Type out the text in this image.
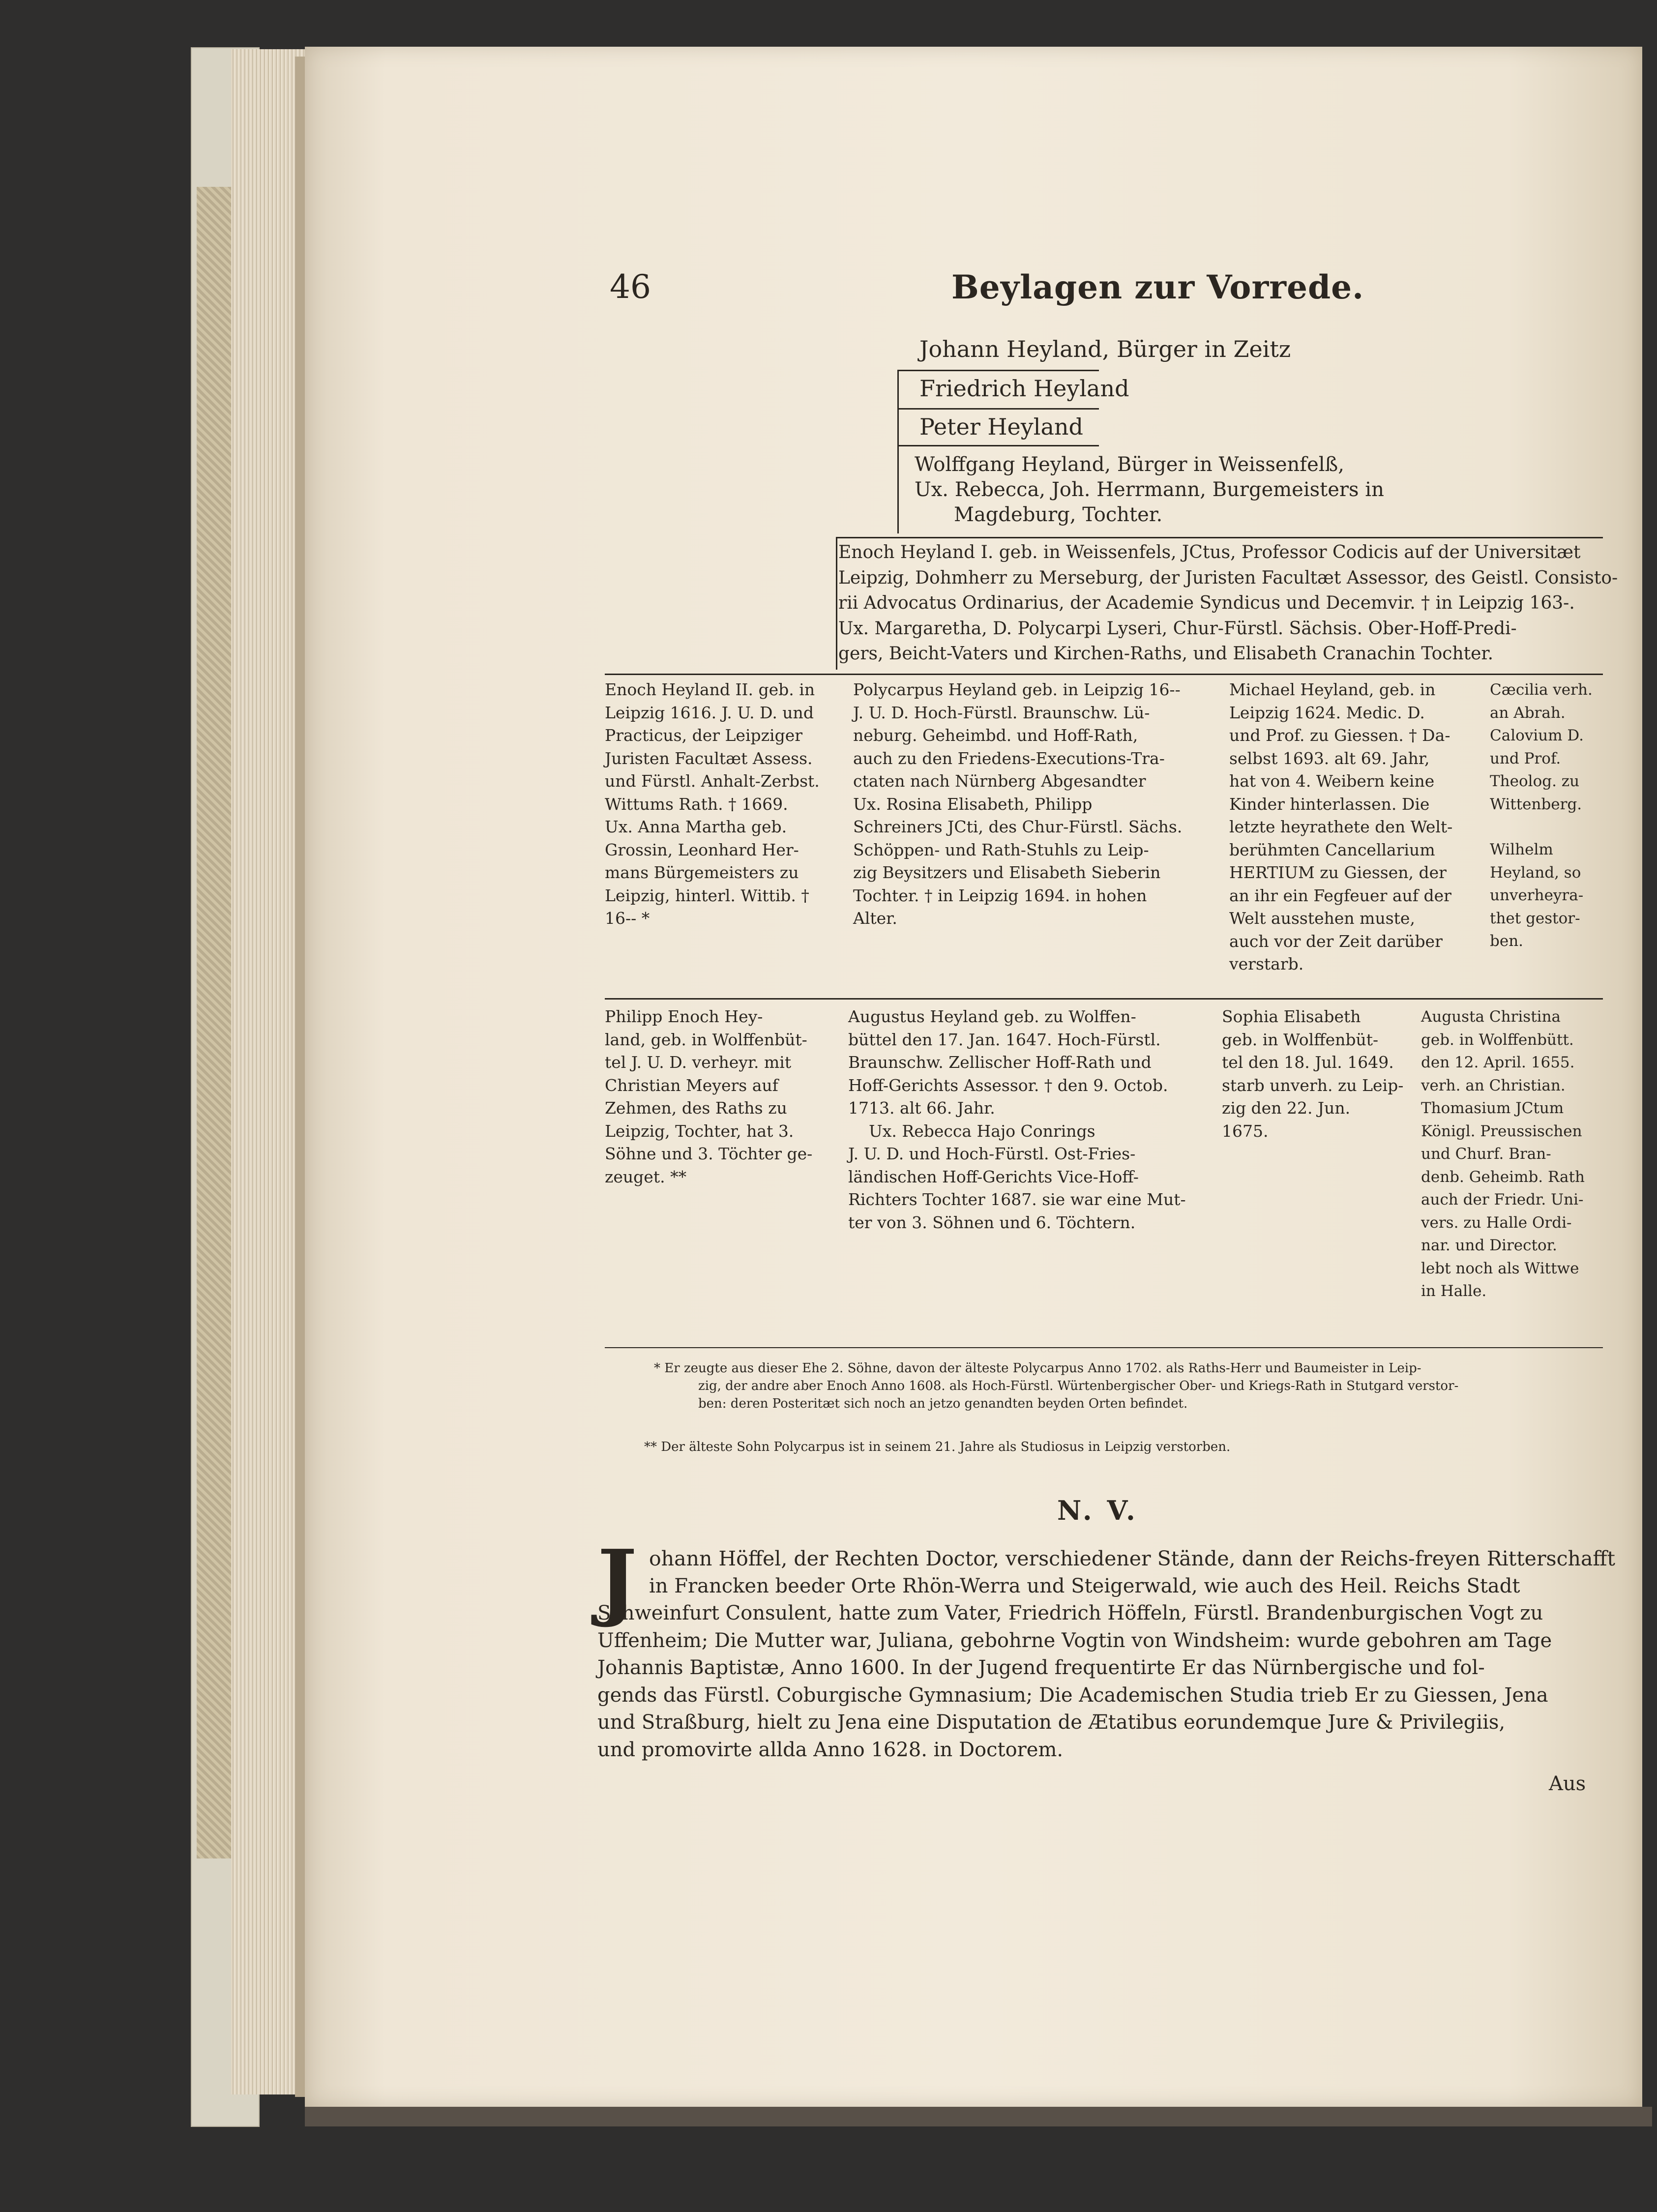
46	Beylagen zur Vorrede.
Johann Heyland, Bürger in Zeitz
Friedrich Heyland
Peter Heyland
Wolffgang Heyland, Bürger in Weissenfelß,
Ux. Rebecca, Joh. Herrmann, Burgemeisters in
Magdeburg, Tochter.
Enoch Heyland I. geb. in Weissenfels, JCtus, Professor Codicis auf der Universitæt
Leipzig, Dohmherr zu Merseburg, der Juristen Facultæt Assessor, des Geistl. Consisto-
rii Advocatus Ordinarius, der Academie Syndicus und Decemvir. † in Leipzig 163-.
Ux. Margaretha, D. Polycarpi Lyseri, Chur-Fürstl. Sächsis. Ober-Hoff-Predi-
gers, Beicht-Vaters und Kirchen-Raths, und Elisabeth Cranachin Tochter.
Enoch Heyland II. geb. in
Leipzig 1616. J. U. D. und
Practicus, der Leipziger
Juristen Facultæt Assess.
und Fürstl. Anhalt-Zerbst.
Wittums Rath. † 1669.
Ux. Anna Martha geb.
Grossin, Leonhard Her-
mans Bürgemeisters zu
Leipzig, hinterl. Wittib. †
16-- *
Polycarpus Heyland geb. in Leipzig 16--
J. U. D. Hoch-Fürstl. Braunschw. Lü-
neburg. Geheimbd. und Hoff-Rath,
auch zu den Friedens-Executions-Tra-
ctaten nach Nürnberg Abgesandter
Ux. Rosina Elisabeth, Philipp
Schreiners JCti, des Chur-Fürstl. Sächs.
Schöppen- und Rath-Stuhls zu Leip-
zig Beysitzers und Elisabeth Sieberin
Tochter. † in Leipzig 1694. in hohen
Alter.
Michael Heyland, geb. in
Leipzig 1624. Medic. D.
und Prof. zu Giessen. † Da-
selbst 1693. alt 69. Jahr,
hat von 4. Weibern keine
Kinder hinterlassen. Die
letzte heyrathete den Welt-
berühmten Cancellarium
HERTIUM zu Giessen, der
an ihr ein Fegfeuer auf der
Welt ausstehen muste,
auch vor der Zeit darüber
verstarb.
Cæcilia verh.
an Abrah.
Calovium D.
und Prof.
Theolog. zu
Wittenberg.
Wilhelm
Heyland, so
unverheyra-
thet gestor-
ben.
Philipp Enoch Hey-
land, geb. in Wolffenbüt-
tel J. U. D. verheyr. mit
Christian Meyers auf
Zehmen, des Raths zu
Leipzig, Tochter, hat 3.
Söhne und 3. Töchter ge-
zeuget. **
Augustus Heyland geb. zu Wolffen-
büttel den 17. Jan. 1647. Hoch-Fürstl.
Braunschw. Zellischer Hoff-Rath und
Hoff-Gerichts Assessor. † den 9. Octob.
1713. alt 66. Jahr.
Ux. Rebecca Hajo Conrings
J. U. D. und Hoch-Fürstl. Ost-Fries-
ländischen Hoff-Gerichts Vice-Hoff-
Richters Tochter 1687. sie war eine Mut-
ter von 3. Söhnen und 6. Töchtern.
Sophia Elisabeth
geb. in Wolffenbüt-
tel den 18. Jul. 1649.
starb unverh. zu Leip-
zig den 22. Jun.
1675.
Augusta Christina
geb. in Wolffenbütt.
den 12. April. 1655.
verh. an Christian.
Thomasium JCtum
Königl. Preussischen
und Churf. Bran-
denb. Geheimb. Rath
auch der Friedr. Uni-
vers. zu Halle Ordi-
nar. und Director.
lebt noch als Wittwe
in Halle.
* Er zeugte aus dieser Ehe 2. Söhne, davon der älteste Polycarpus Anno 1702. als Raths-Herr und Baumeister in Leip-
zig, der andre aber Enoch Anno 1608. als Hoch-Fürstl. Würtenbergischer Ober- und Kriegs-Rath in Stutgard verstor-
ben: deren Posteritæt sich noch an jetzo genandten beyden Orten befindet.
** Der älteste Sohn Polycarpus ist in seinem 21. Jahre als Studiosus in Leipzig verstorben.
N. V.
J ohann Höffel, der Rechten Doctor, verschiedener Stände, dann der Reichs-freyen Ritterschafft
in Francken beeder Orte Rhön-Werra und Steigerwald, wie auch des Heil. Reichs Stadt
Schweinfurt Consulent, hatte zum Vater, Friedrich Höffeln, Fürstl. Brandenburgischen Vogt zu
Uffenheim; Die Mutter war, Juliana, gebohrne Vogtin von Windsheim: wurde gebohren am Tage
Johannis Baptistæ, Anno 1600. In der Jugend frequentirte Er das Nürnbergische und fol-
gends das Fürstl. Coburgische Gymnasium; Die Academischen Studia trieb Er zu Giessen, Jena
und Straßburg, hielt zu Jena eine Disputation de Ætatibus eorundemque Jure & Privilegiis,
und promovirte allda Anno 1628. in Doctorem.
Aus
